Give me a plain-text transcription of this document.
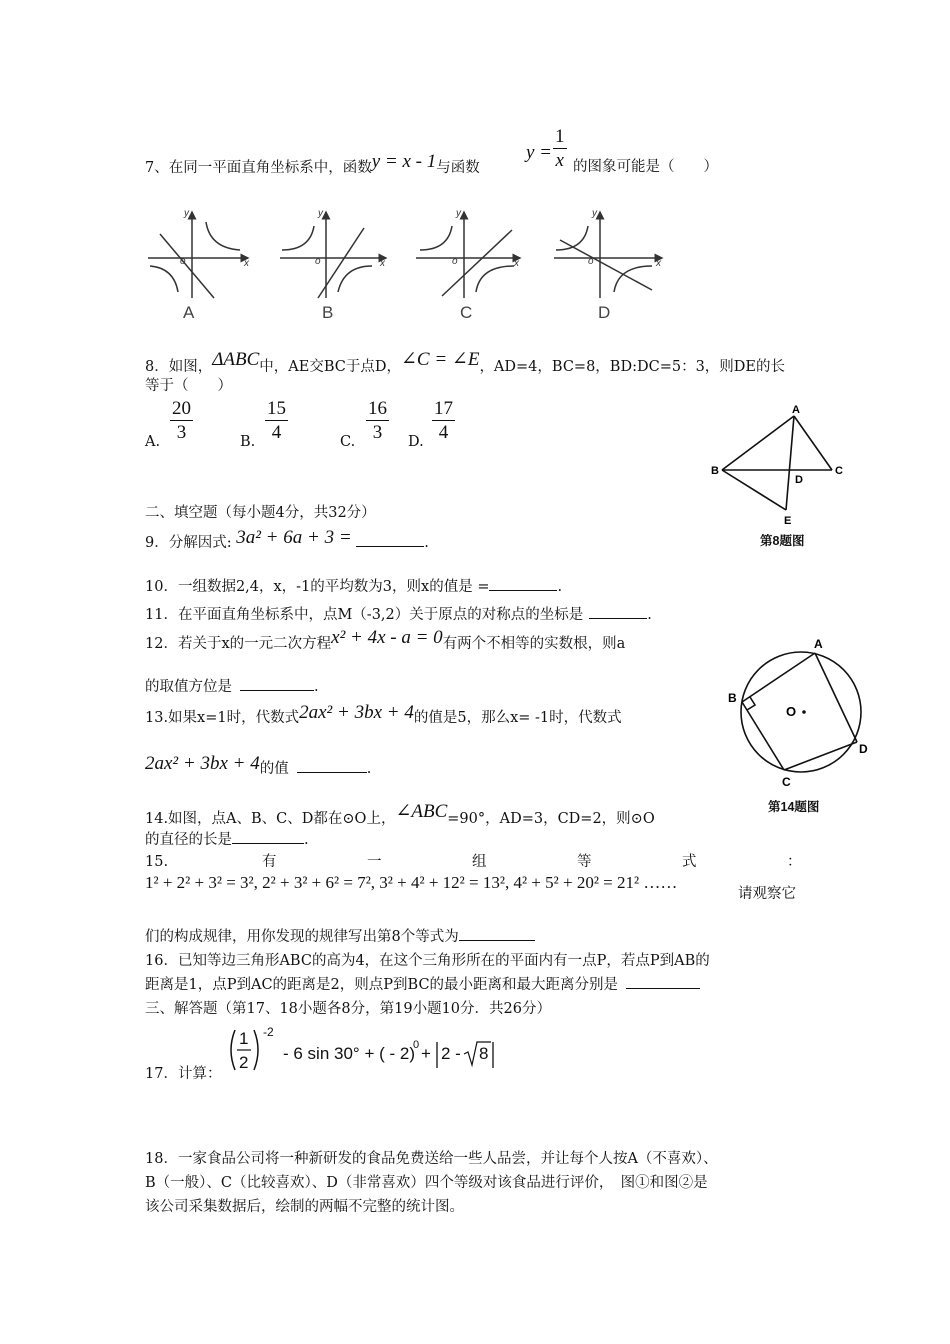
7、在同一平面直角坐标系中，函数y = x - 1与函数
$y = \frac{1}{x}$ 的图象可能是（　　）
o
y
x	o
y
x	o
y
x	o
y
x
A	B	C	D
8．如图，ΔABC中，AE交BC于点D，∠C = ∠E，AD=4，BC=8，BD:DC=5：3，则DE的长
等于（　　）
A. $\frac{20}{3}$	B. $\frac{15}{4}$	C. $\frac{16}{3} D$. $\frac{17}{4}$	A
B	C
D
E
第8题图
二、填空题（每小题4分，共32分）
9．分解因式: 3a² + 6a + 3 =	.
10．一组数据2,4，x，-1的平均数为3，则x的值是 =	.
11．在平面直角坐标系中，点M（-3,2）关于原点的对称点的坐标是	.
12．若关于x的一元二次方程x² + 4x - a = 0有两个不相等的实数根，则a
的取值方位是	.
A
B
C
D
O
第14题图
13.如果x=1时，代数式2ax² + 3bx + 4的值是5，那么x= -1时，代数式
2ax² + 3bx + 4的值	.
14.如图，点A、B、C、D都在⊙O上，∠ABC=90°，AD=3，CD=2，则⊙O
的直径的长是	.
15.	有	一	组	等	式	：
1² + 2² + 3² = 3², 2² + 3² + 6² = 7², 3² + 4² + 12² = 13², 4² + 5² + 20² = 21² ……
请观察它
们的构成规律，用你发现的规律写出第8个等式为
16．已知等边三角形ABC的高为4，在这个三角形所在的平面内有一点P，若点P到AB的
距离是1，点P到AC的距离是2，则点P到BC的最小距离和最大距离分别是
三、解答题（第17、18小题各8分，第19小题10分．共26分）
17．计算：
1
2
-2
- 6 sin 30° + ( - 2)
0 + 2 - 8
18．一家食品公司将一种新研发的食品免费送给一些人品尝，并让每个人按A（不喜欢）、
B（一般）、C（比较喜欢）、D（非常喜欢）四个等级对该食品进行评价，　图①和图②是
该公司采集数据后，绘制的两幅不完整的统计图。
